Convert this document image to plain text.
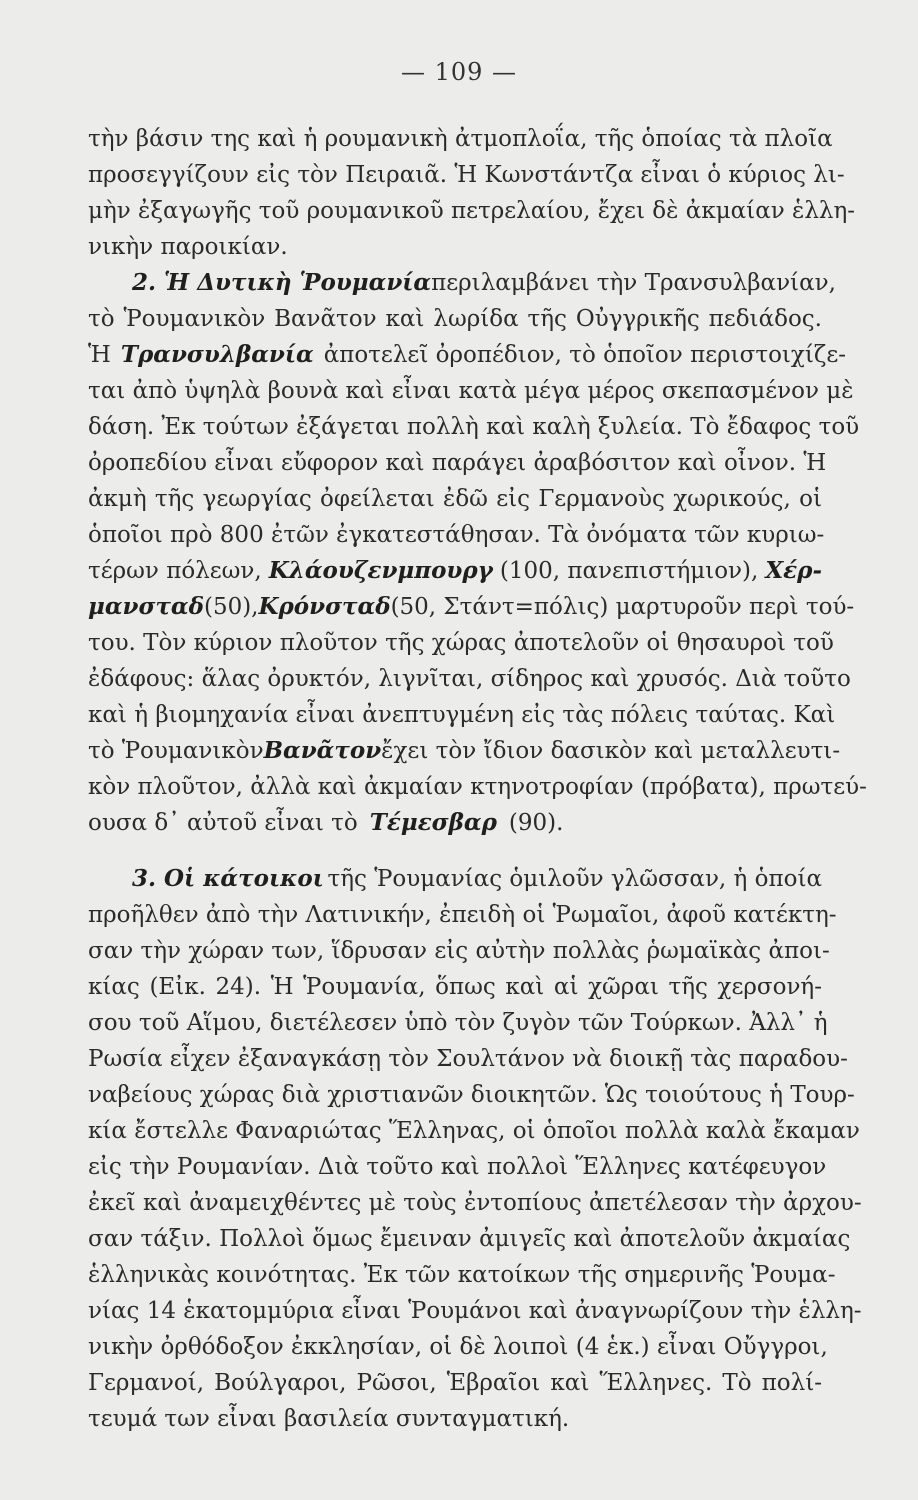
— 109 —
τὴν βάσιν της καὶ ἡ ρουμανικὴ ἀτμοπλοΐα, τῆς ὁποίας τὰ πλοῖα
προσεγγίζουν εἰς τὸν Πειραιᾶ. Ἡ Κωνστάντζα εἶναι ὁ κύριος λι-
μὴν ἐξαγωγῆς τοῦ ρουμανικοῦ πετρελαίου, ἔχει δὲ ἀκμαίαν ἑλλη-
νικὴν παροικίαν.
2. Ἡ Δυτικὴ Ῥουμανία περιλαμβάνει τὴν Τρανσυλβανίαν,
τὸ Ῥουμανικὸν Βανᾶτον καὶ λωρίδα τῆς Οὐγγρικῆς πεδιάδος.
Ἡ Τρανσυλβανία ἀποτελεῖ ὀροπέδιον, τὸ ὁποῖον περιστοιχίζε-
ται ἀπὸ ὑψηλὰ βουνὰ καὶ εἶναι κατὰ μέγα μέρος σκεπασμένον μὲ
δάση. Ἐκ τούτων ἐξάγεται πολλὴ καὶ καλὴ ξυλεία. Τὸ ἔδαφος τοῦ
ὀροπεδίου εἶναι εὔφορον καὶ παράγει ἀραβόσιτον καὶ οἶνον. Ἡ
ἀκμὴ τῆς γεωργίας ὀφείλεται ἐδῶ εἰς Γερμανοὺς χωρικούς, οἱ
ὁποῖοι πρὸ 800 ἐτῶν ἐγκατεστάθησαν. Τὰ ὀνόματα τῶν κυριω-
τέρων πόλεων, Κλάουζενμπουργ (100, πανεπιστήμιον), Χέρ-
μανσταδ (50), Κρόνσταδ (50, Στάντ=πόλις) μαρτυροῦν περὶ τού-
του. Τὸν κύριον πλοῦτον τῆς χώρας ἀποτελοῦν οἱ θησαυροὶ τοῦ
ἐδάφους: ἅλας ὀρυκτόν, λιγνῖται, σίδηρος καὶ χρυσός. Διὰ τοῦτο
καὶ ἡ βιομηχανία εἶναι ἀνεπτυγμένη εἰς τὰς πόλεις ταύτας. Καὶ
τὸ Ῥουμανικὸν Βανᾶτον ἔχει τὸν ἴδιον δασικὸν καὶ μεταλλευτι-
κὸν πλοῦτον, ἀλλὰ καὶ ἀκμαίαν κτηνοτροφίαν (πρόβατα), πρωτεύ-
ουσα δ᾽ αὐτοῦ εἶναι τὸ Τέμεσβαρ (90).
3. Οἱ κάτοικοι τῆς Ῥουμανίας ὁμιλοῦν γλῶσσαν, ἡ ὁποία
προῆλθεν ἀπὸ τὴν Λατινικήν, ἐπειδὴ οἱ Ῥωμαῖοι, ἀφοῦ κατέκτη-
σαν τὴν χώραν των, ἵδρυσαν εἰς αὐτὴν πολλὰς ῥωμαϊκὰς ἀποι-
κίας (Εἰκ. 24). Ἡ Ῥουμανία, ὅπως καὶ αἱ χῶραι τῆς χερσονή-
σου τοῦ Αἵμου, διετέλεσεν ὑπὸ τὸν ζυγὸν τῶν Τούρκων. Ἀλλ᾽ ἡ
Ρωσία εἶχεν ἐξαναγκάσῃ τὸν Σουλτάνον νὰ διοικῇ τὰς παραδου-
ναβείους χώρας διὰ χριστιανῶν διοικητῶν. Ὡς τοιούτους ἡ Τουρ-
κία ἔστελλε Φαναριώτας Ἕλληνας, οἱ ὁποῖοι πολλὰ καλὰ ἔκαμαν
εἰς τὴν Ρουμανίαν. Διὰ τοῦτο καὶ πολλοὶ Ἕλληνες κατέφευγον
ἐκεῖ καὶ ἀναμειχθέντες μὲ τοὺς ἐντοπίους ἀπετέλεσαν τὴν ἀρχου-
σαν τάξιν. Πολλοὶ ὅμως ἔμειναν ἀμιγεῖς καὶ ἀποτελοῦν ἀκμαίας
ἑλληνικὰς κοινότητας. Ἐκ τῶν κατοίκων τῆς σημερινῆς Ῥουμα-
νίας 14 ἑκατομμύρια εἶναι Ῥουμάνοι καὶ ἀναγνωρίζουν τὴν ἑλλη-
νικὴν ὀρθόδοξον ἐκκλησίαν, οἱ δὲ λοιποὶ (4 ἑκ.) εἶναι Οὔγγροι,
Γερμανοί, Βούλγαροι, Ρῶσοι, Ἑβραῖοι καὶ Ἕλληνες. Τὸ πολί-
τευμά των εἶναι βασιλεία συνταγματική.
